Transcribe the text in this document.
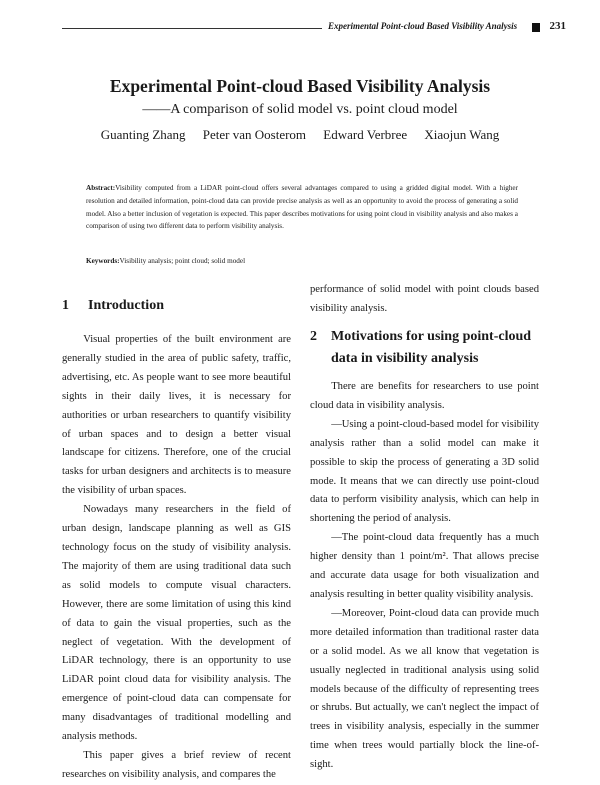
Experimental Point-cloud Based Visibility Analysis	231
Experimental Point-cloud Based Visibility Analysis
——A comparison of solid model vs. point cloud model
Guanting Zhang Peter van Oosterom Edward Verbree Xiaojun Wang
Abstract:Visibility computed from a LiDAR point-cloud offers several advantages compared to using a gridded digital model. With a higher resolution and detailed information, point-cloud data can provide precise analysis as well as an opportunity to avoid the process of generating a solid model. Also a better inclusion of vegetation is expected. This paper describes motivations for using point cloud in visibility analysis and also makes a comparison of using two different data to perform visibility analysis.
Keywords:Visibility analysis; point cloud; solid model
1 Introduction

Visual properties of the built environment are generally studied in the area of public safety, traffic, advertising, etc. As people want to see more beautiful sights in their daily lives, it is necessary for authorities or urban researchers to quantify visibility of urban spaces and to design a better visual landscape for citizens. Therefore, one of the crucial tasks for urban designers and architects is to measure the visibility of urban spaces.

Nowadays many researchers in the field of urban design, landscape planning as well as GIS technology focus on the study of visibility analysis. The majority of them are using traditional data such as solid models to compute visual characters. However, there are some limitation of using this kind of data to gain the visual properties, such as the neglect of vegetation. With the development of LiDAR technology, there is an opportunity to use LiDAR point cloud data for visibility analysis. The emergence of point-cloud data can compensate for many disadvantages of traditional modelling and analysis methods.

This paper gives a brief review of recent researches on visibility analysis, and compares the

performance of solid model with point clouds based visibility analysis.

2 Motivations for using point-cloud data in visibility analysis

There are benefits for researchers to use point cloud data in visibility analysis.

—Using a point-cloud-based model for visibility analysis rather than a solid model can make it possible to skip the process of generating a 3D solid mode. It means that we can directly use point-cloud data to perform visibility analysis, which can help in shortening the period of analysis.

—The point-cloud data frequently has a much higher density than 1 point/m². That allows precise and accurate data usage for both visualization and analysis resulting in better quality visibility analysis.

—Moreover, Point-cloud data can provide much more detailed information than traditional raster data or a solid model. As we all know that vegetation is usually neglected in traditional analysis using solid models because of the difficulty of representing trees or shrubs. But actually, we can't neglect the impact of trees in visibility analysis, especially in the summer time when trees would partially block the line-of-sight.
